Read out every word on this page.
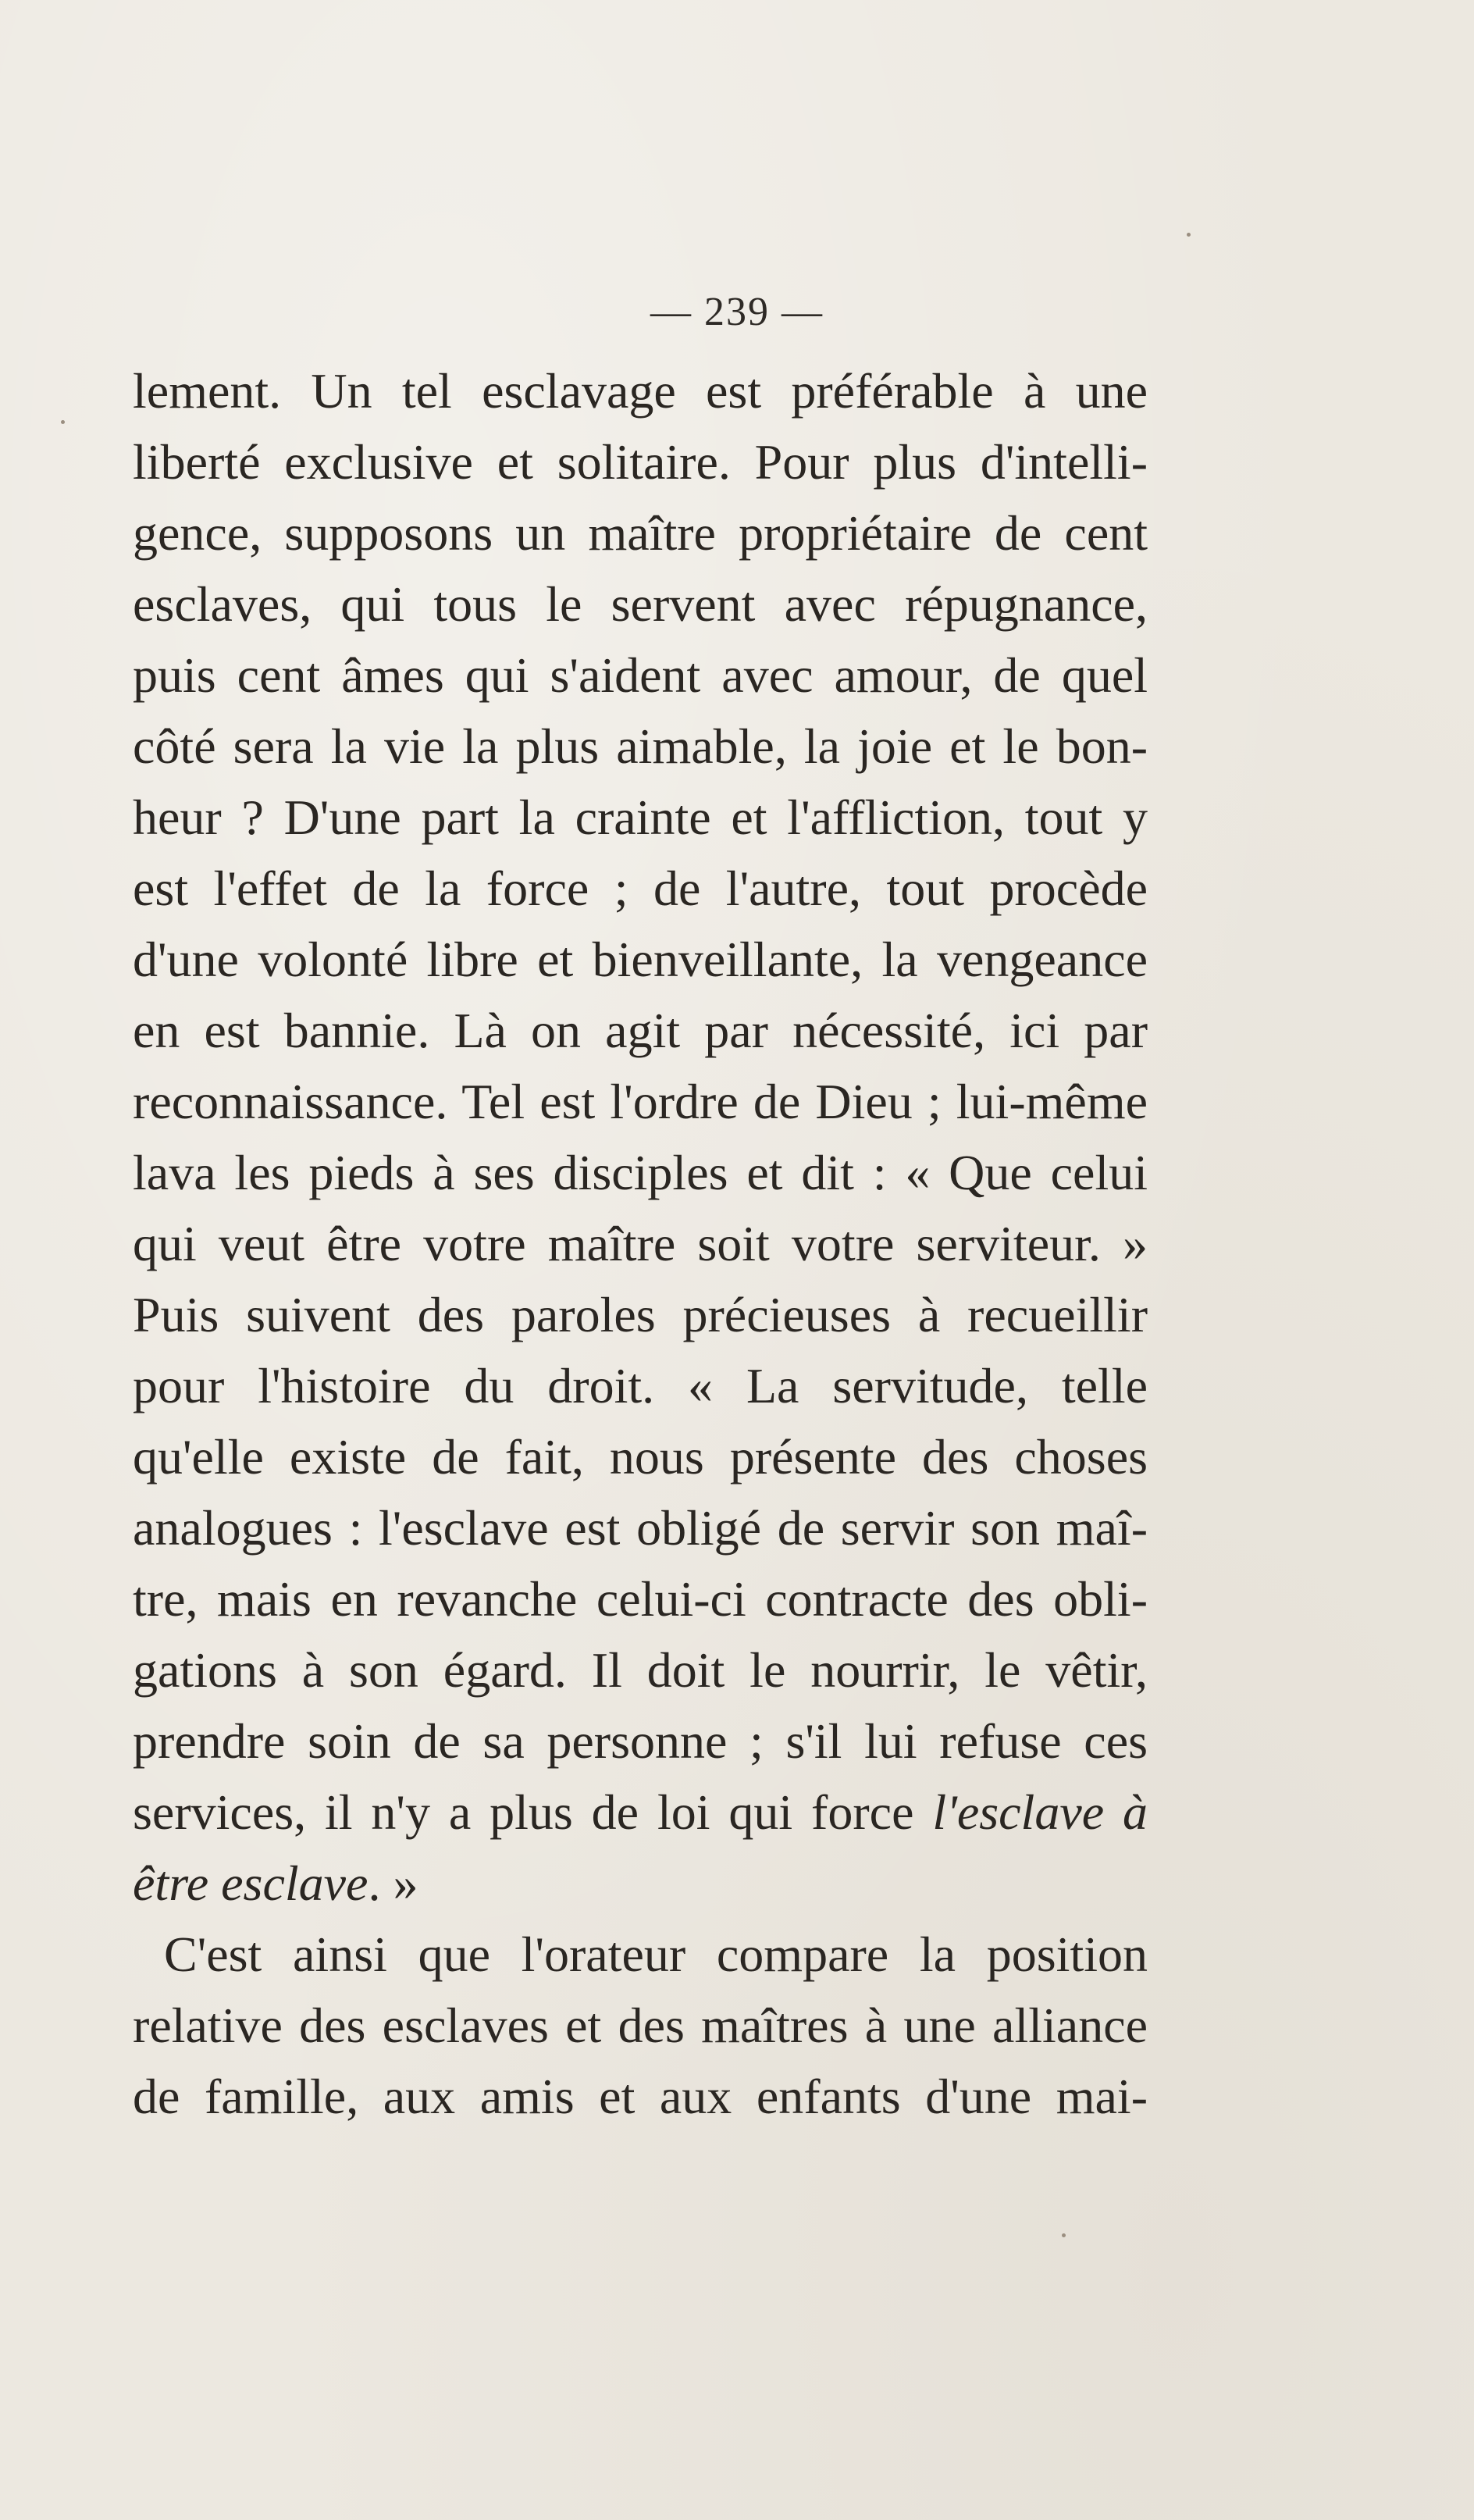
— 239 —
lement. Un tel esclavage est préférable à une
liberté exclusive et solitaire. Pour plus d'intelli-
gence, supposons un maître propriétaire de cent
esclaves, qui tous le servent avec répugnance,
puis cent âmes qui s'aident avec amour, de quel
côté sera la vie la plus aimable, la joie et le bon-
heur ? D'une part la crainte et l'affliction, tout y
est l'effet de la force ; de l'autre, tout procède
d'une volonté libre et bienveillante, la vengeance
en est bannie. Là on agit par nécessité, ici par
reconnaissance. Tel est l'ordre de Dieu ; lui-même
lava les pieds à ses disciples et dit : « Que celui
qui veut être votre maître soit votre serviteur. »
Puis suivent des paroles précieuses à recueillir
pour l'histoire du droit. « La servitude, telle
qu'elle existe de fait, nous présente des choses
analogues : l'esclave est obligé de servir son maî-
tre, mais en revanche celui-ci contracte des obli-
gations à son égard. Il doit le nourrir, le vêtir,
prendre soin de sa personne ; s'il lui refuse ces
services, il n'y a plus de loi qui force l'esclave à
être esclave. »
C'est ainsi que l'orateur compare la position
relative des esclaves et des maîtres à une alliance
de famille, aux amis et aux enfants d'une mai-
